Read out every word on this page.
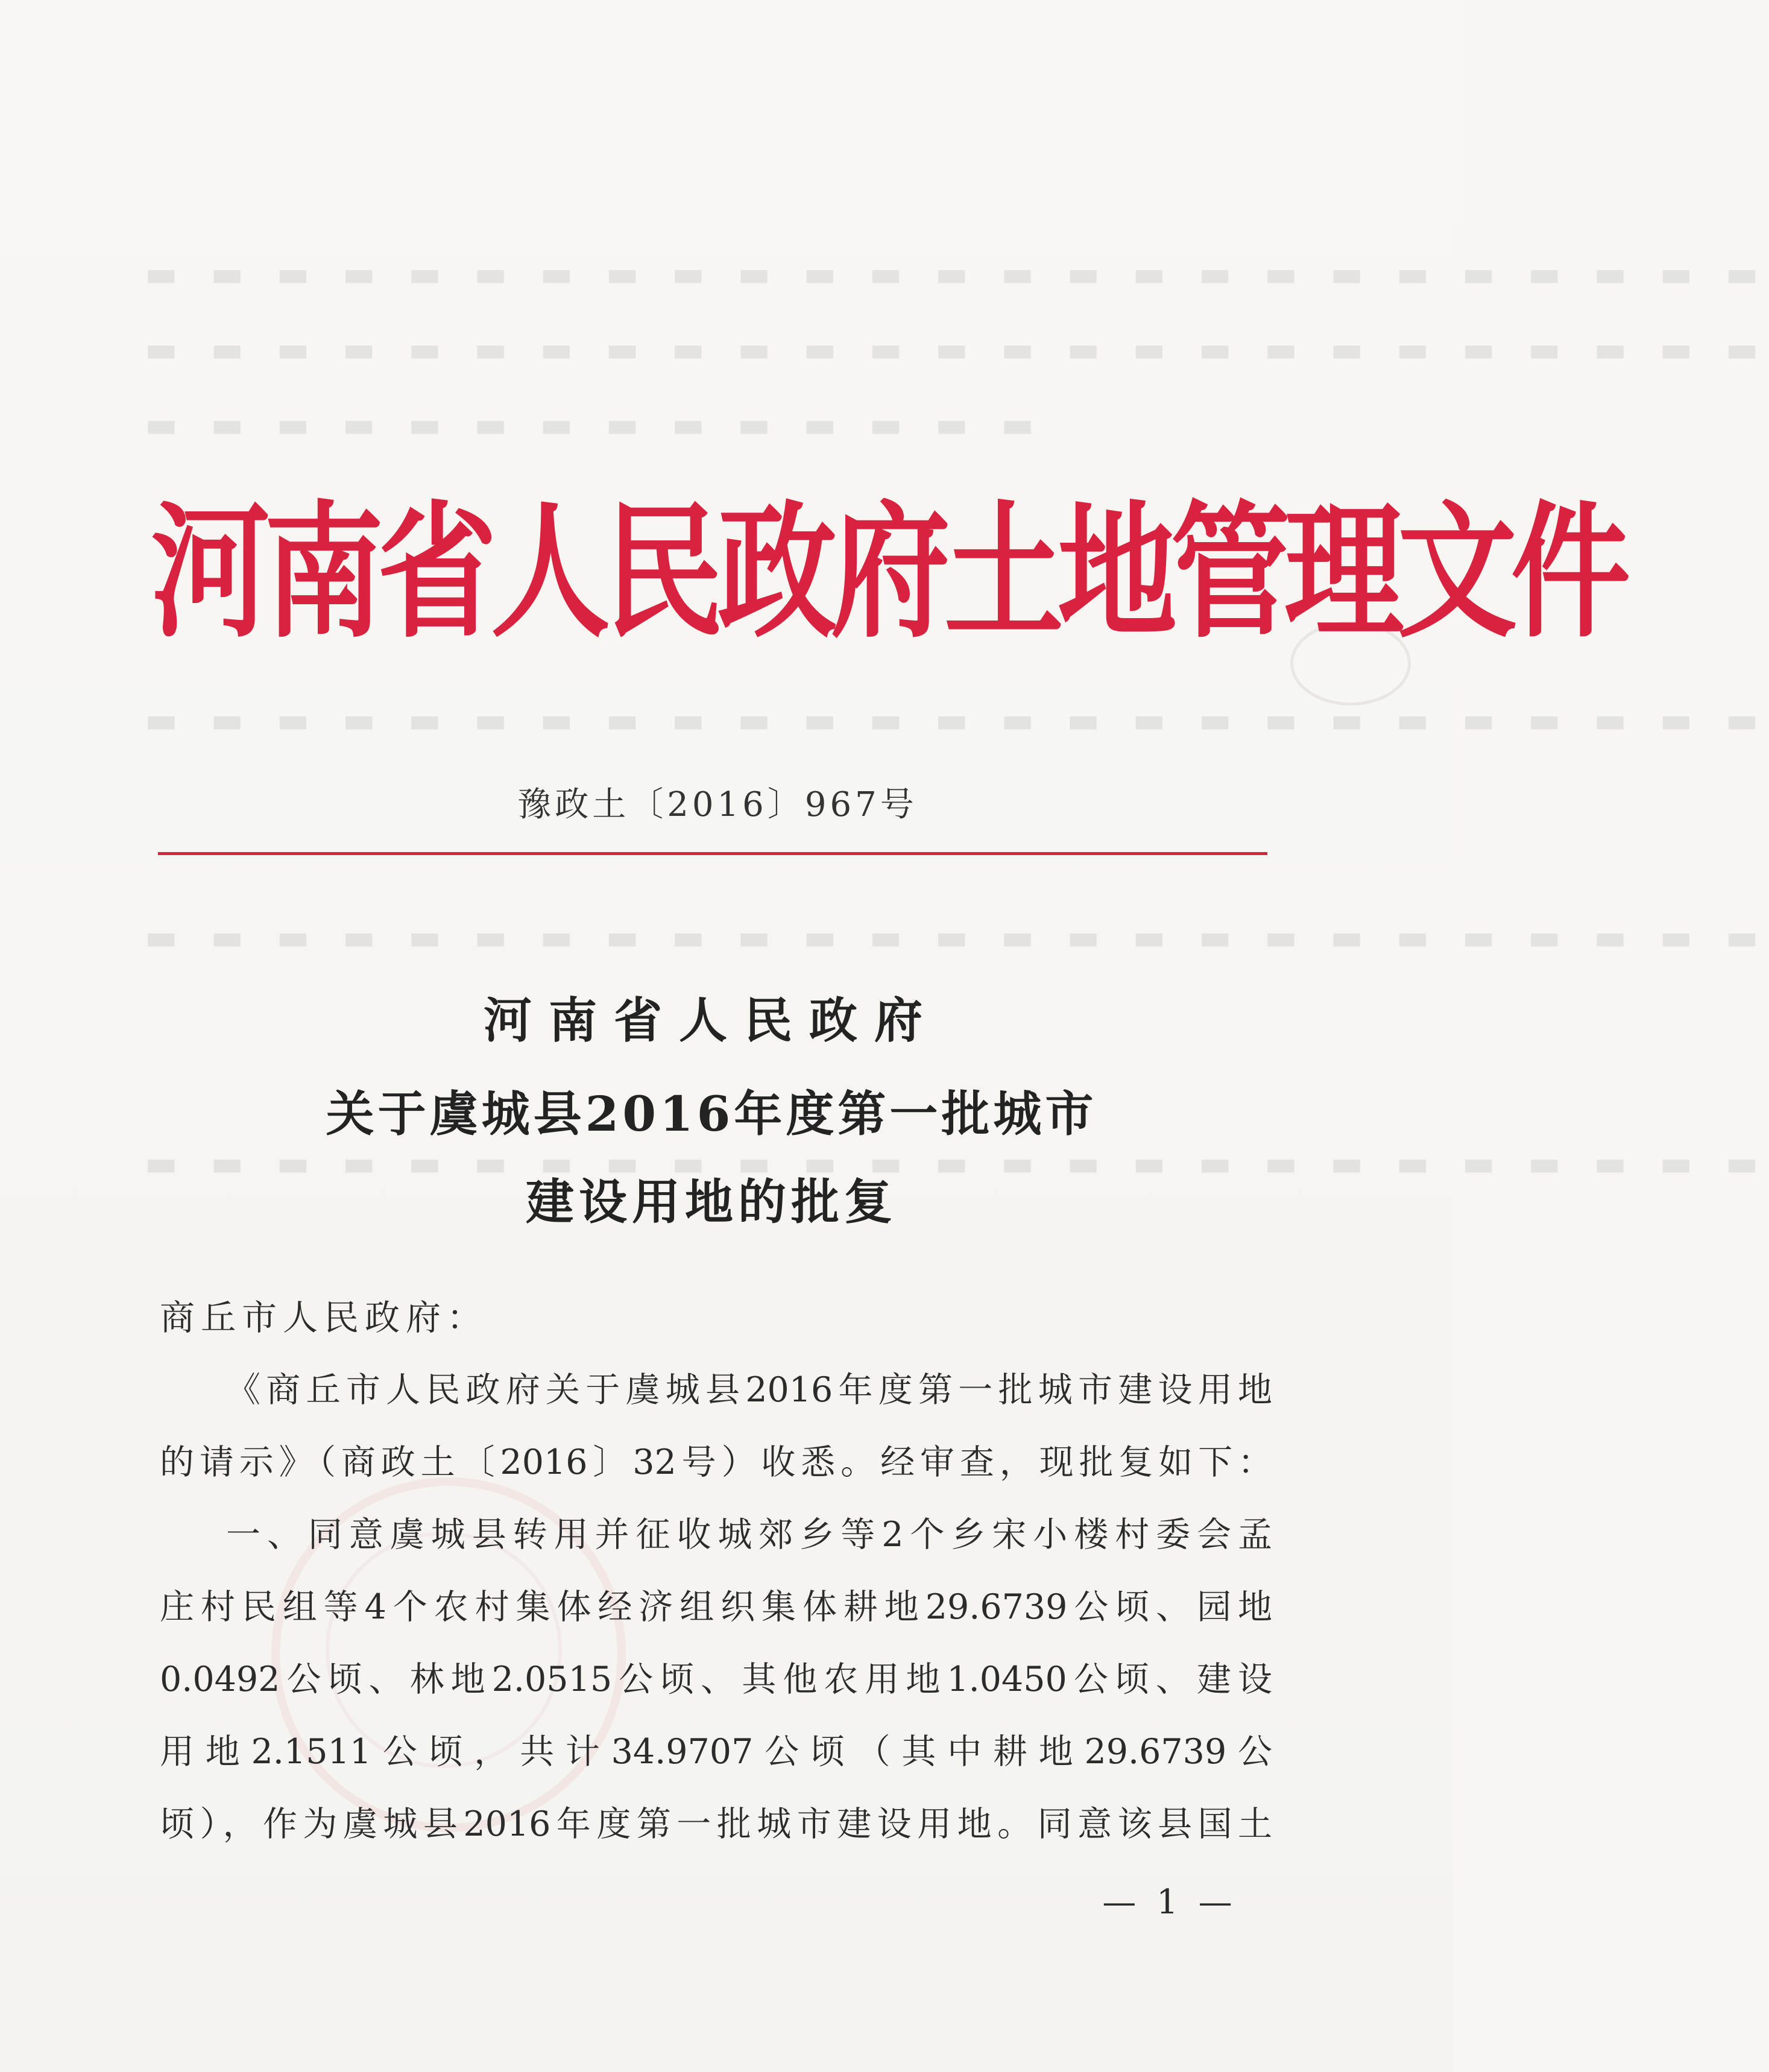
▬ ▬ ▬ ▬ ▬ ▬ ▬ ▬ ▬ ▬ ▬ ▬ ▬ ▬ ▬ ▬ ▬ ▬ ▬ ▬ ▬ ▬ ▬ ▬ ▬
▬ ▬ ▬ ▬ ▬ ▬ ▬ ▬ ▬ ▬ ▬ ▬ ▬ ▬ ▬ ▬ ▬ ▬ ▬ ▬ ▬ ▬ ▬ ▬ ▬
▬ ▬ ▬ ▬ ▬ ▬ ▬ ▬ ▬ ▬ ▬ ▬ ▬ ▬
▬ ▬ ▬ ▬ ▬ ▬ ▬ ▬ ▬ ▬ ▬ ▬ ▬ ▬ ▬ ▬ ▬ ▬ ▬ ▬ ▬ ▬ ▬ ▬ ▬
▬ ▬ ▬ ▬ ▬ ▬ ▬ ▬ ▬ ▬ ▬ ▬ ▬ ▬ ▬ ▬ ▬ ▬ ▬ ▬ ▬ ▬ ▬ ▬ ▬
▬ ▬ ▬ ▬ ▬ ▬ ▬ ▬ ▬ ▬ ▬ ▬ ▬ ▬ ▬ ▬ ▬ ▬ ▬ ▬ ▬ ▬ ▬ ▬ ▬
河南省人民政府土地管理文件
豫政土〔2016〕967号
河南省人民政府
关于虞城县2016年度第一批城市
建设用地的批复
商丘市人民政府：
《商丘市人民政府关于虞城县2016年度第一批城市建设用地
的请示》（商政土〔2016〕32号）收悉。经审查，现批复如下：
一、同意虞城县转用并征收城郊乡等2个乡宋小楼村委会孟
庄村民组等4个农村集体经济组织集体耕地29.6739公顷、园地
0.0492公顷、林地2.0515公顷、其他农用地1.0450公顷、建设
用地2.1511公顷，共计34.9707公顷（其中耕地29.6739公
顷），作为虞城县2016年度第一批城市建设用地。同意该县国土
— 1 —
